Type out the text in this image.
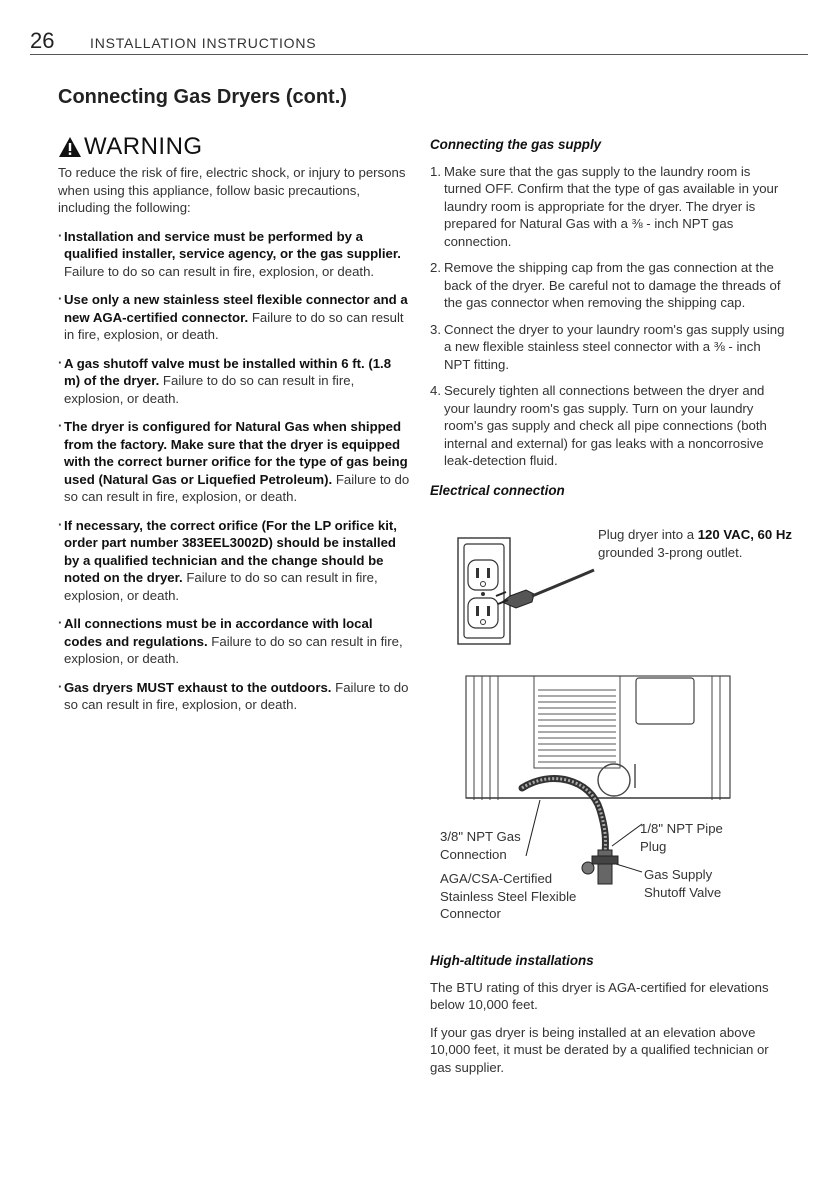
26	INSTALLATION INSTRUCTIONS
Connecting Gas Dryers (cont.)
WARNING

To reduce the risk of fire, electric shock, or injury to persons when using this appliance, follow basic precautions, including the following:

· Installation and service must be performed by a qualified installer, service agency, or the gas supplier. Failure to do so can result in fire, explosion, or death.
· Use only a new stainless steel flexible connector and a new AGA-certified connector. Failure to do so can result in fire, explosion, or death.
· A gas shutoff valve must be installed within 6 ft. (1.8 m) of the dryer. Failure to do so can result in fire, explosion, or death.
· The dryer is configured for Natural Gas when shipped from the factory. Make sure that the dryer is equipped with the correct burner orifice for the type of gas being used (Natural Gas or Liquefied Petroleum). Failure to do so can result in fire, explosion, or death.
· If necessary, the correct orifice (For the LP orifice kit, order part number 383EEL3002D) should be installed by a qualified technician and the change should be noted on the dryer. Failure to do so can result in fire, explosion, or death.
· All connections must be in accordance with local codes and regulations. Failure to do so can result in fire, explosion, or death.
· Gas dryers MUST exhaust to the outdoors. Failure to do so can result in fire, explosion, or death.
Connecting the gas supply
1. Make sure that the gas supply to the laundry room is turned OFF. Confirm that the type of gas available in your laundry room is appropriate for the dryer. The dryer is prepared for Natural Gas with a ⅜ - inch NPT gas connection.
2. Remove the shipping cap from the gas connection at the back of the dryer. Be careful not to damage the threads of the gas connector when removing the shipping cap.
3. Connect the dryer to your laundry room's gas supply using a new flexible stainless steel connector with a ⅜ - inch NPT fitting.
4. Securely tighten all connections between the dryer and your laundry room's gas supply. Turn on your laundry room's gas supply and check all pipe connections (both internal and external) for gas leaks with a noncorrosive leak-detection fluid.
Electrical connection
Plug dryer into a 120 VAC, 60 Hz grounded 3-prong outlet.
3/8" NPT Gas Connection
AGA/CSA-Certified Stainless Steel Flexible Connector
1/8" NPT Pipe Plug
Gas Supply Shutoff Valve
High-altitude installations

The BTU rating of this dryer is AGA-certified for elevations below 10,000 feet.

If your gas dryer is being installed at an elevation above 10,000 feet, it must be derated by a qualified technician or gas supplier.
